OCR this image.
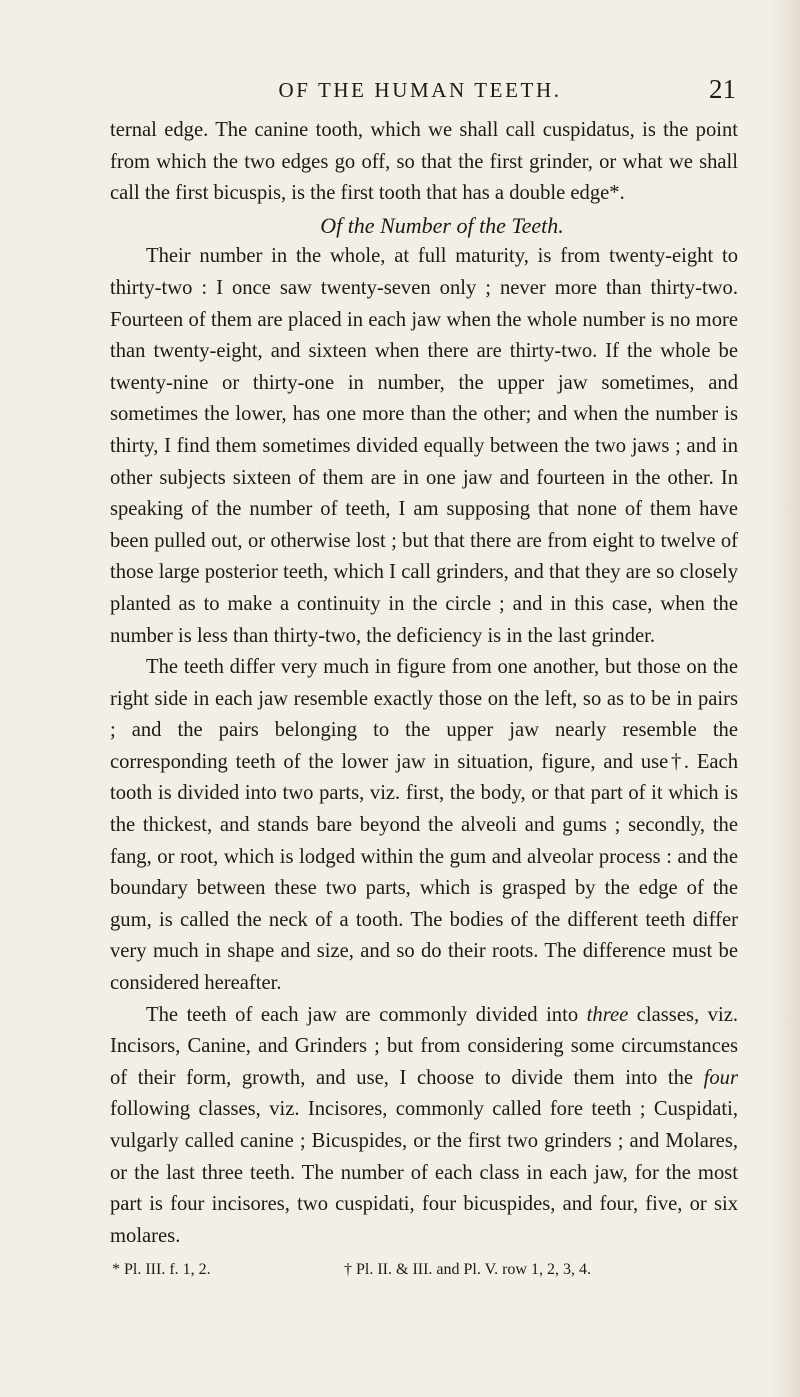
OF THE HUMAN TEETH.	21

ternal edge. The canine tooth, which we shall call cuspidatus, is the point from which the two edges go off, so that the first grinder, or what we shall call the first bicuspis, is the first tooth that has a double edge*.

Of the Number of the Teeth.

Their number in the whole, at full maturity, is from twenty-eight to thirty-two : I once saw twenty-seven only ; never more than thirty-two. Fourteen of them are placed in each jaw when the whole number is no more than twenty-eight, and sixteen when there are thirty-two. If the whole be twenty-nine or thirty-one in number, the upper jaw sometimes, and sometimes the lower, has one more than the other; and when the number is thirty, I find them sometimes divided equally between the two jaws ; and in other subjects sixteen of them are in one jaw and fourteen in the other. In speaking of the number of teeth, I am supposing that none of them have been pulled out, or otherwise lost ; but that there are from eight to twelve of those large posterior teeth, which I call grinders, and that they are so closely planted as to make a continuity in the circle ; and in this case, when the number is less than thirty-two, the deficiency is in the last grinder.

The teeth differ very much in figure from one another, but those on the right side in each jaw resemble exactly those on the left, so as to be in pairs ; and the pairs belonging to the upper jaw nearly resemble the corresponding teeth of the lower jaw in situation, figure, and use†. Each tooth is divided into two parts, viz. first, the body, or that part of it which is the thickest, and stands bare beyond the alveoli and gums ; secondly, the fang, or root, which is lodged within the gum and alveolar process : and the boundary between these two parts, which is grasped by the edge of the gum, is called the neck of a tooth. The bodies of the different teeth differ very much in shape and size, and so do their roots. The difference must be considered hereafter.

The teeth of each jaw are commonly divided into three classes, viz. Incisors, Canine, and Grinders ; but from considering some circumstances of their form, growth, and use, I choose to divide them into the four following classes, viz. Incisores, commonly called fore teeth ; Cuspidati, vulgarly called canine ; Bicuspides, or the first two grinders ; and Molares, or the last three teeth. The number of each class in each jaw, for the most part is four incisores, two cuspidati, four bicuspides, and four, five, or six molares.

* Pl. III. f. 1, 2.	† Pl. II. & III. and Pl. V. row 1, 2, 3, 4.
